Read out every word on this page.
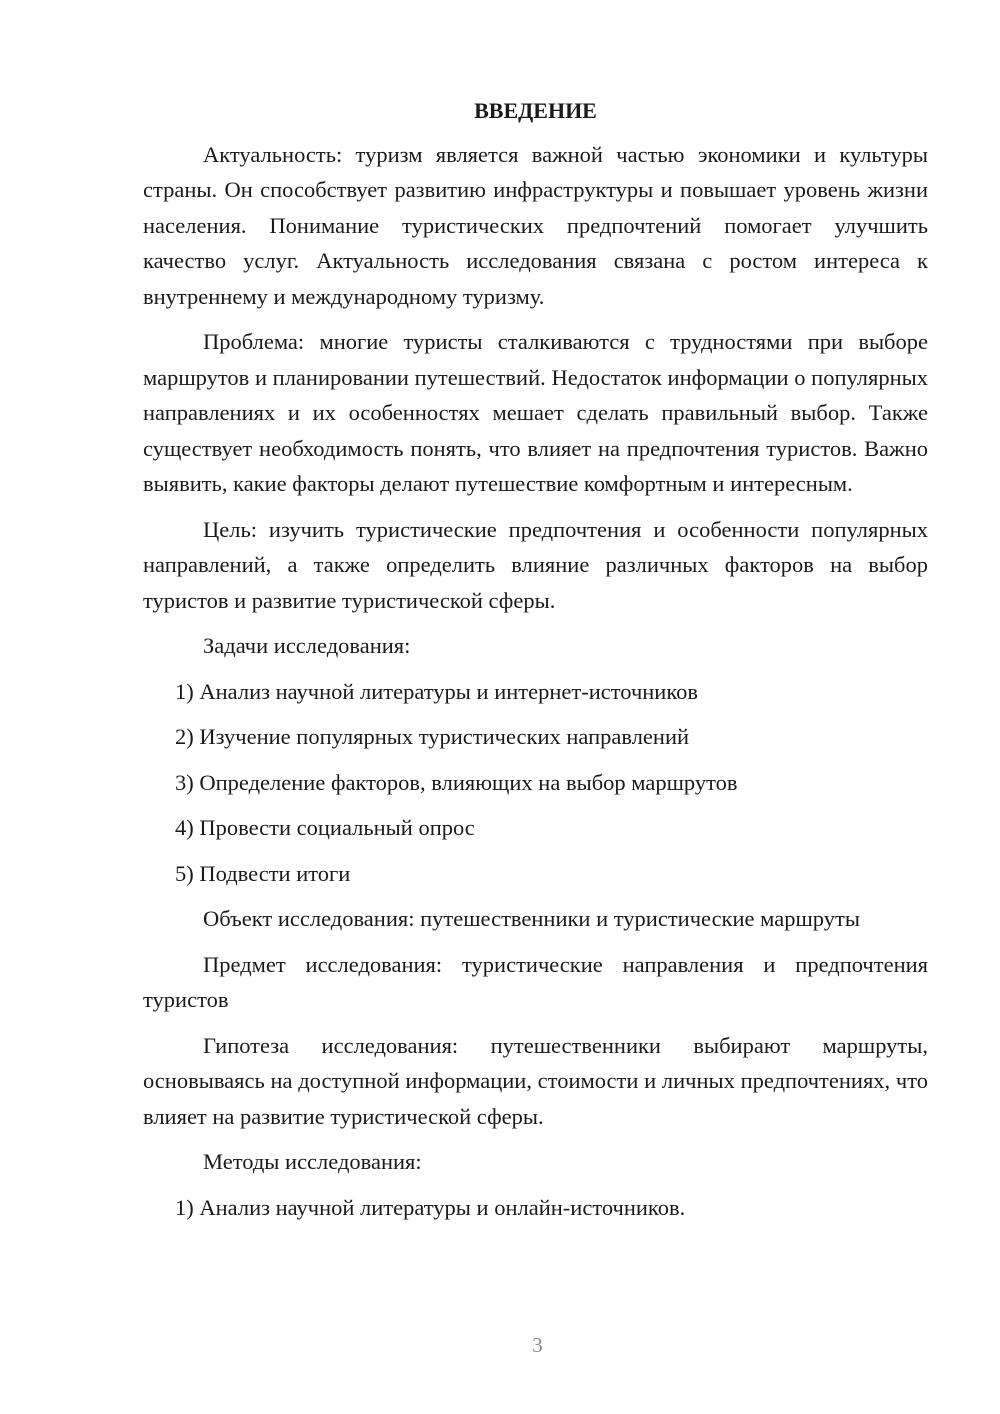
ВВЕДЕНИЕ

Актуальность: туризм является важной частью экономики и культуры страны. Он способствует развитию инфраструктуры и повышает уровень жизни населения. Понимание туристических предпочтений помогает улучшить качество услуг. Актуальность исследования связана с ростом интереса к внутреннему и международному туризму.

Проблема: многие туристы сталкиваются с трудностями при выборе маршрутов и планировании путешествий. Недостаток информации о популярных направлениях и их особенностях мешает сделать правильный выбор. Также существует необходимость понять, что влияет на предпочтения туристов. Важно выявить, какие факторы делают путешествие комфортным и интересным.

Цель: изучить туристические предпочтения и особенности популярных направлений, а также определить влияние различных факторов на выбор туристов и развитие туристической сферы.

Задачи исследования:

1) Анализ научной литературы и интернет-источников
2) Изучение популярных туристических направлений
3) Определение факторов, влияющих на выбор маршрутов
4) Провести социальный опрос
5) Подвести итоги

Объект исследования: путешественники и туристические маршруты

Предмет исследования: туристические направления и предпочтения туристов

Гипотеза исследования: путешественники выбирают маршруты, основываясь на доступной информации, стоимости и личных предпочтениях, что влияет на развитие туристической сферы.

Методы исследования:

1) Анализ научной литературы и онлайн-источников.
3
